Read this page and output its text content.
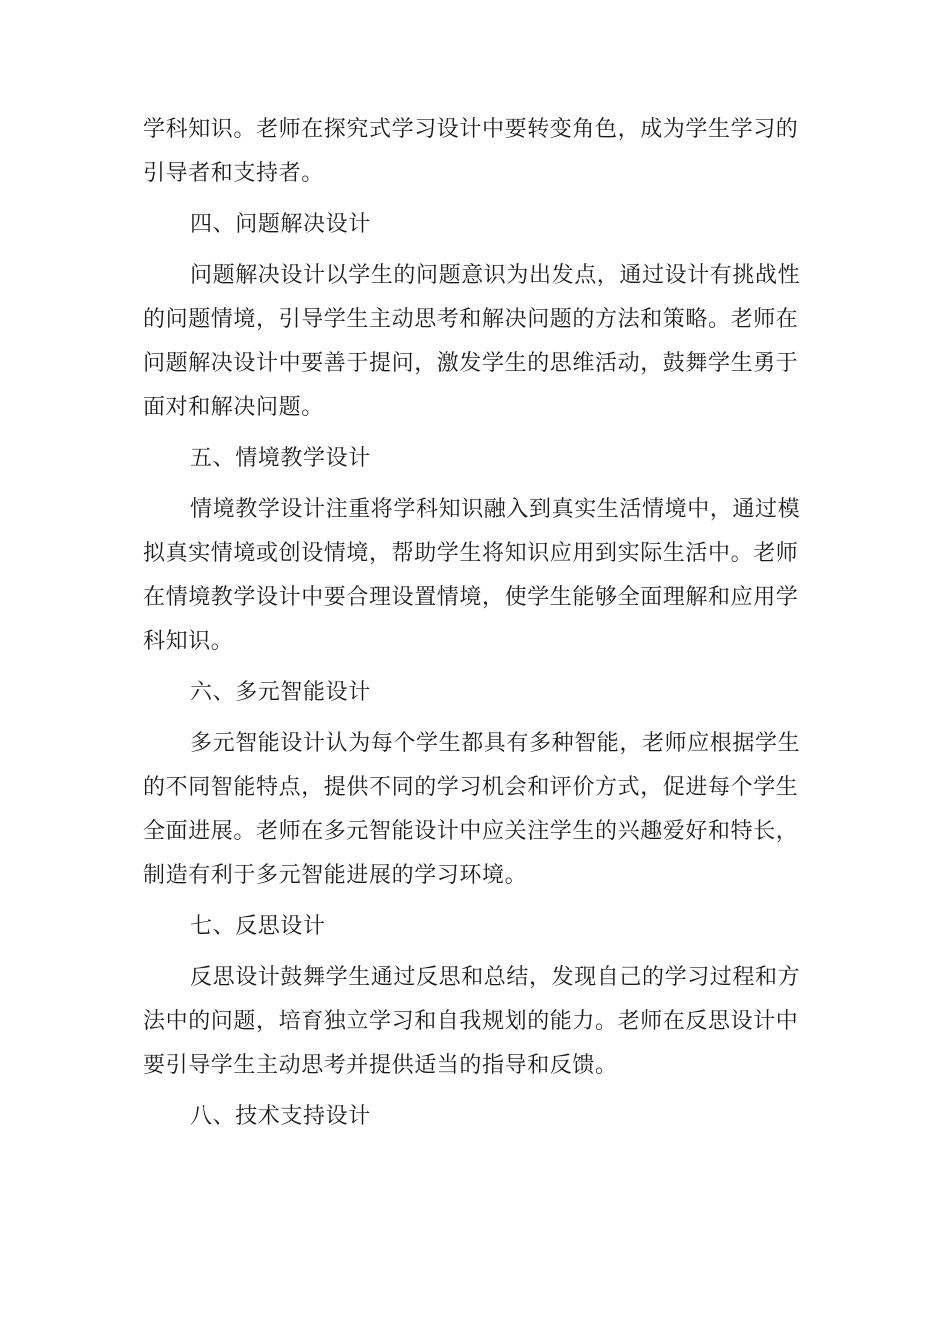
学科知识。老师在探究式学习设计中要转变角色，成为学生学习的
引导者和支持者。
四、问题解决设计
问题解决设计以学生的问题意识为出发点，通过设计有挑战性
的问题情境，引导学生主动思考和解决问题的方法和策略。老师在
问题解决设计中要善于提问，激发学生的思维活动，鼓舞学生勇于
面对和解决问题。
五、情境教学设计
情境教学设计注重将学科知识融入到真实生活情境中，通过模
拟真实情境或创设情境，帮助学生将知识应用到实际生活中。老师
在情境教学设计中要合理设置情境，使学生能够全面理解和应用学
科知识。
六、多元智能设计
多元智能设计认为每个学生都具有多种智能，老师应根据学生
的不同智能特点，提供不同的学习机会和评价方式，促进每个学生
全面进展。老师在多元智能设计中应关注学生的兴趣爱好和特长，
制造有利于多元智能进展的学习环境。
七、反思设计
反思设计鼓舞学生通过反思和总结，发现自己的学习过程和方
法中的问题，培育独立学习和自我规划的能力。老师在反思设计中
要引导学生主动思考并提供适当的指导和反馈。
八、技术支持设计
